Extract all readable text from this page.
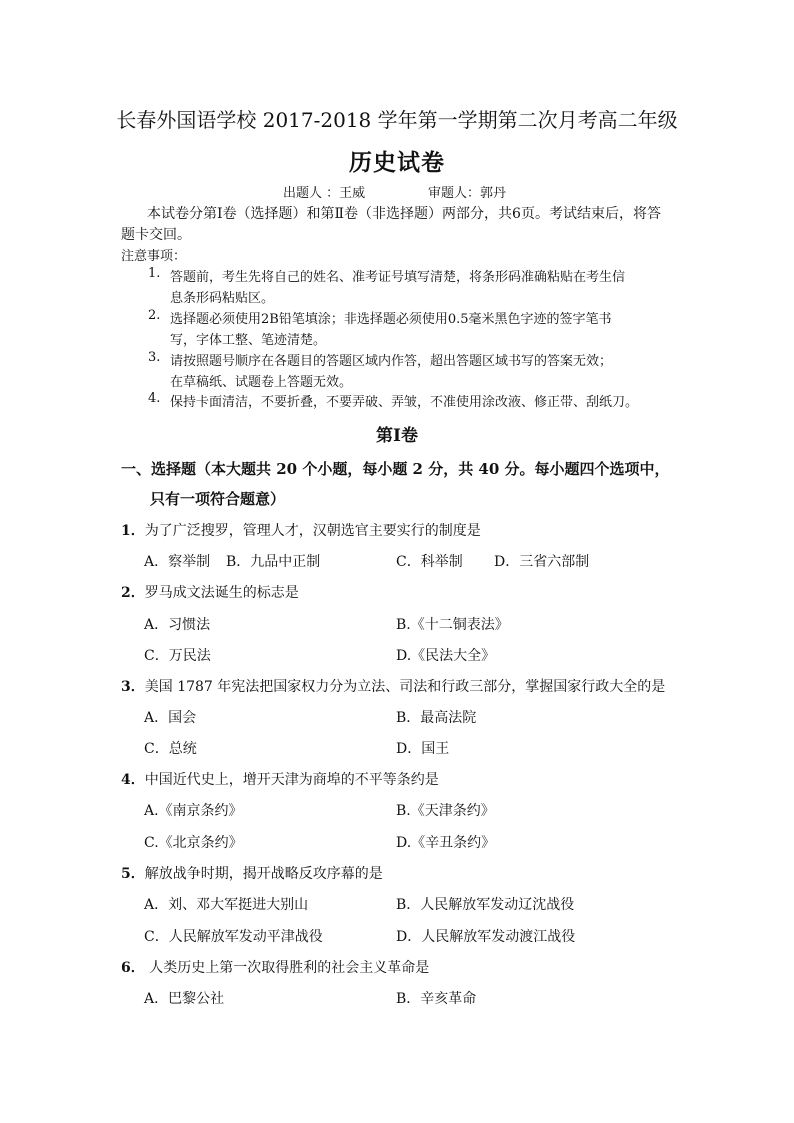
长春外国语学校 2017-2018 学年第一学期第二次月考高二年级
历史试卷
出题人 ：王威	审题人：郭丹
本试卷分第Ⅰ卷（选择题）和第Ⅱ卷（非选择题）两部分，共6页。考试结束后，将答
题卡交回。
注意事项：
1. 答题前，考生先将自己的姓名、准考证号填写清楚，将条形码准确粘贴在考生信
息条形码粘贴区。
2. 选择题必须使用2B铅笔填涂；非选择题必须使用0.5毫米黑色字迹的签字笔书
写，字体工整、笔迹清楚。
3. 请按照题号顺序在各题目的答题区域内作答，超出答题区域书写的答案无效；
在草稿纸、试题卷上答题无效。
4. 保持卡面清洁，不要折叠，不要弄破、弄皱，不准使用涂改液、修正带、刮纸刀。
第Ⅰ卷
一、选择题（本大题共 20 个小题，每小题 2 分，共 40 分。每小题四个选项中，
只有一项符合题意）
1．为了广泛搜罗，管理人才，汉朝选官主要实行的制度是
A．察举制 B．九品中正制	C．科举制 D．三省六部制
2．罗马成文法诞生的标志是
A．习惯法	B.《十二铜表法》
C．万民法	D.《民法大全》
3．美国 1787 年宪法把国家权力分为立法、司法和行政三部分，掌握国家行政大全的是
A．国会	B．最高法院
C．总统	D．国王
4．中国近代史上，增开天津为商埠的不平等条约是
A.《南京条约》	B.《天津条约》
C.《北京条约》	D.《辛丑条约》
5．解放战争时期，揭开战略反攻序幕的是
A．刘、邓大军挺进大别山	B．人民解放军发动辽沈战役
C．人民解放军发动平津战役	D．人民解放军发动渡江战役
6． 人类历史上第一次取得胜利的社会主义革命是
A．巴黎公社	B．辛亥革命
